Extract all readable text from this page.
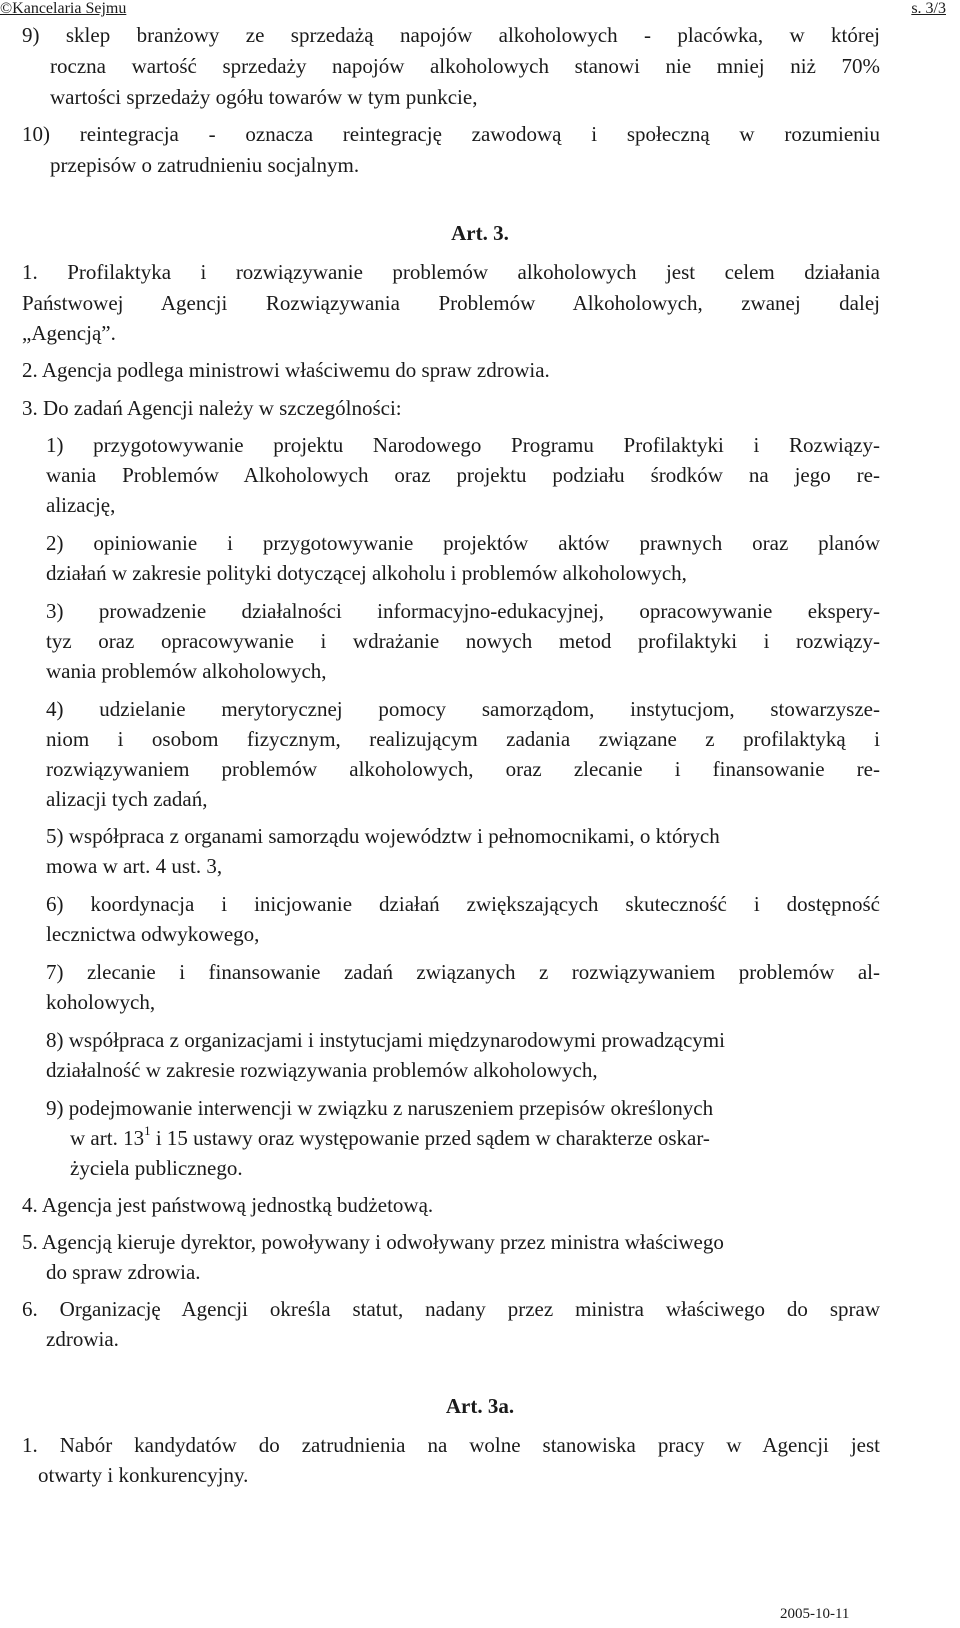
©Kancelaria Sejmu	s. 3/3
9) sklep branżowy ze sprzedażą napojów alkoholowych - placówka, w której
roczna wartość sprzedaży napojów alkoholowych stanowi nie mniej niż 70%
wartości sprzedaży ogółu towarów w tym punkcie,
10) reintegracja - oznacza reintegrację zawodową i społeczną w rozumieniu
przepisów o zatrudnieniu socjalnym.
Art. 3.
1. Profilaktyka i rozwiązywanie problemów alkoholowych jest celem działania
Państwowej Agencji Rozwiązywania Problemów Alkoholowych, zwanej dalej
„Agencją”.
2. Agencja podlega ministrowi właściwemu do spraw zdrowia.
3. Do zadań Agencji należy w szczególności:
1) przygotowywanie projektu Narodowego Programu Profilaktyki i Rozwiązy-
wania Problemów Alkoholowych oraz projektu podziału środków na jego re-
alizację,
2) opiniowanie i przygotowywanie projektów aktów prawnych oraz planów
działań w zakresie polityki dotyczącej alkoholu i problemów alkoholowych,
3) prowadzenie działalności informacyjno-edukacyjnej, opracowywanie ekspery-
tyz oraz opracowywanie i wdrażanie nowych metod profilaktyki i rozwiązy-
wania problemów alkoholowych,
4) udzielanie merytorycznej pomocy samorządom, instytucjom, stowarzysze-
niom i osobom fizycznym, realizującym zadania związane z profilaktyką i
rozwiązywaniem problemów alkoholowych, oraz zlecanie i finansowanie re-
alizacji tych zadań,
5) współpraca z organami samorządu województw i pełnomocnikami, o których
mowa w art. 4 ust. 3,
6) koordynacja i inicjowanie działań zwiększających skuteczność i dostępność
lecznictwa odwykowego,
7) zlecanie i finansowanie zadań związanych z rozwiązywaniem problemów al-
koholowych,
8) współpraca z organizacjami i instytucjami międzynarodowymi prowadzącymi
działalność w zakresie rozwiązywania problemów alkoholowych,
9) podejmowanie interwencji w związku z naruszeniem przepisów określonych
w art. $13^1$ i 15 ustawy oraz występowanie przed sądem w charakterze oskar-
życiela publicznego.
4. Agencja jest państwową jednostką budżetową.
5. Agencją kieruje dyrektor, powoływany i odwoływany przez ministra właściwego
do spraw zdrowia.
6. Organizację Agencji określa statut, nadany przez ministra właściwego do spraw
zdrowia.
Art. 3a.
1. Nabór kandydatów do zatrudnienia na wolne stanowiska pracy w Agencji jest
otwarty i konkurencyjny.
2005-10-11
